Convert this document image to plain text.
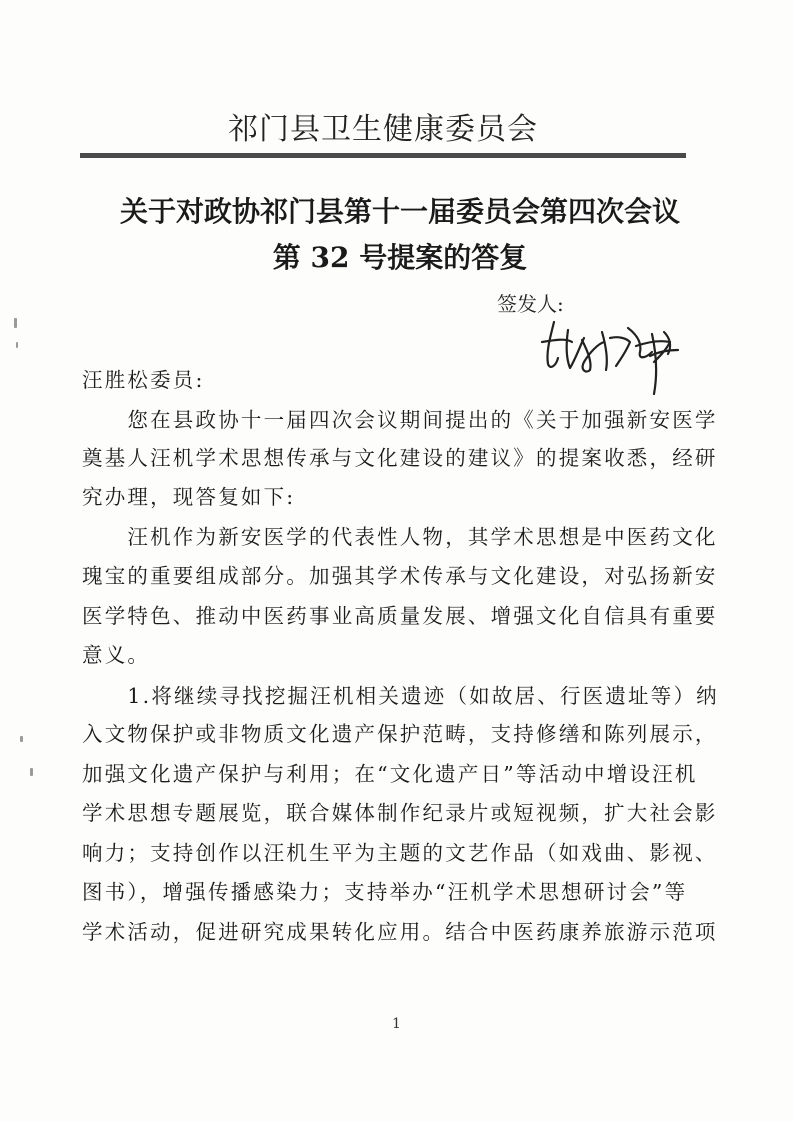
祁门县卫生健康委员会
关于对政协祁门县第十一届委员会第四次会议
第 32 号提案的答复
签发人:
汪胜松委员:
　　您在县政协十一届四次会议期间提出的《关于加强新安医学
奠基人汪机学术思想传承与文化建设的建议》的提案收悉，经研
究办理，现答复如下:
　　汪机作为新安医学的代表性人物，其学术思想是中医药文化
瑰宝的重要组成部分。加强其学术传承与文化建设，对弘扬新安
医学特色、推动中医药事业高质量发展、增强文化自信具有重要
意义。
　　1.将继续寻找挖掘汪机相关遗迹（如故居、行医遗址等）纳
入文物保护或非物质文化遗产保护范畴，支持修缮和陈列展示，
加强文化遗产保护与利用；在“文化遗产日”等活动中增设汪机
学术思想专题展览，联合媒体制作纪录片或短视频，扩大社会影
响力；支持创作以汪机生平为主题的文艺作品（如戏曲、影视、
图书），增强传播感染力；支持举办“汪机学术思想研讨会”等
学术活动，促进研究成果转化应用。结合中医药康养旅游示范项
1
